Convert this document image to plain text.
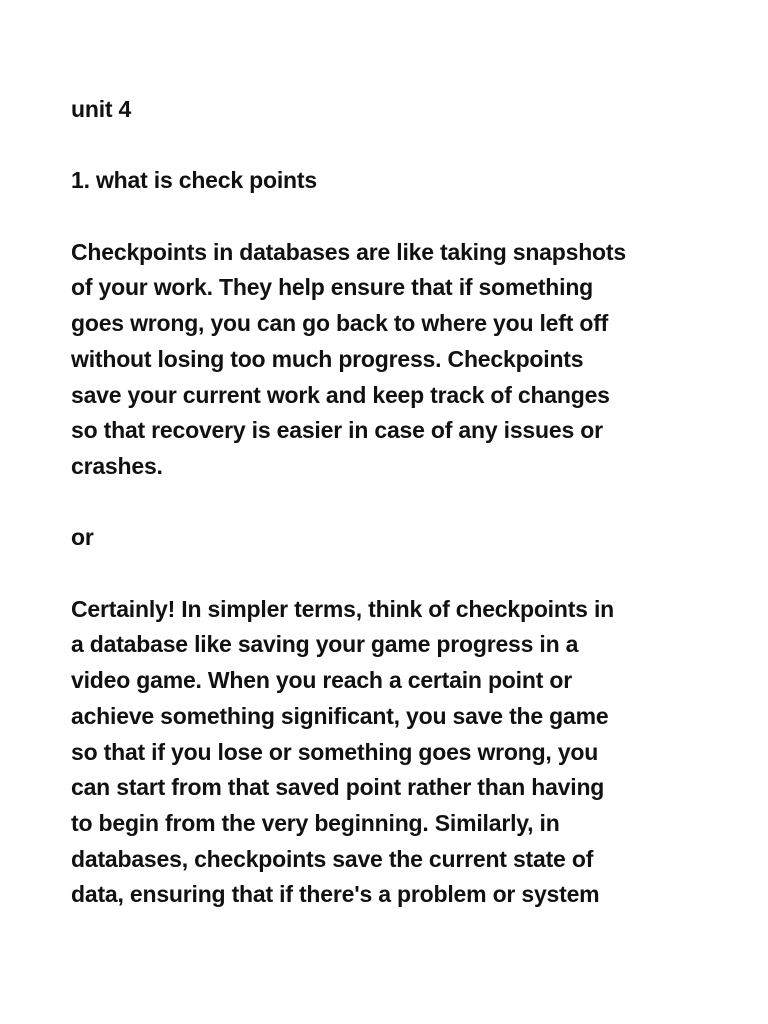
unit 4

1. what is check points

Checkpoints in databases are like taking snapshots
of your work. They help ensure that if something
goes wrong, you can go back to where you left off
without losing too much progress. Checkpoints
save your current work and keep track of changes
so that recovery is easier in case of any issues or
crashes.

or

Certainly! In simpler terms, think of checkpoints in
a database like saving your game progress in a
video game. When you reach a certain point or
achieve something significant, you save the game
so that if you lose or something goes wrong, you
can start from that saved point rather than having
to begin from the very beginning. Similarly, in
databases, checkpoints save the current state of
data, ensuring that if there's a problem or system
